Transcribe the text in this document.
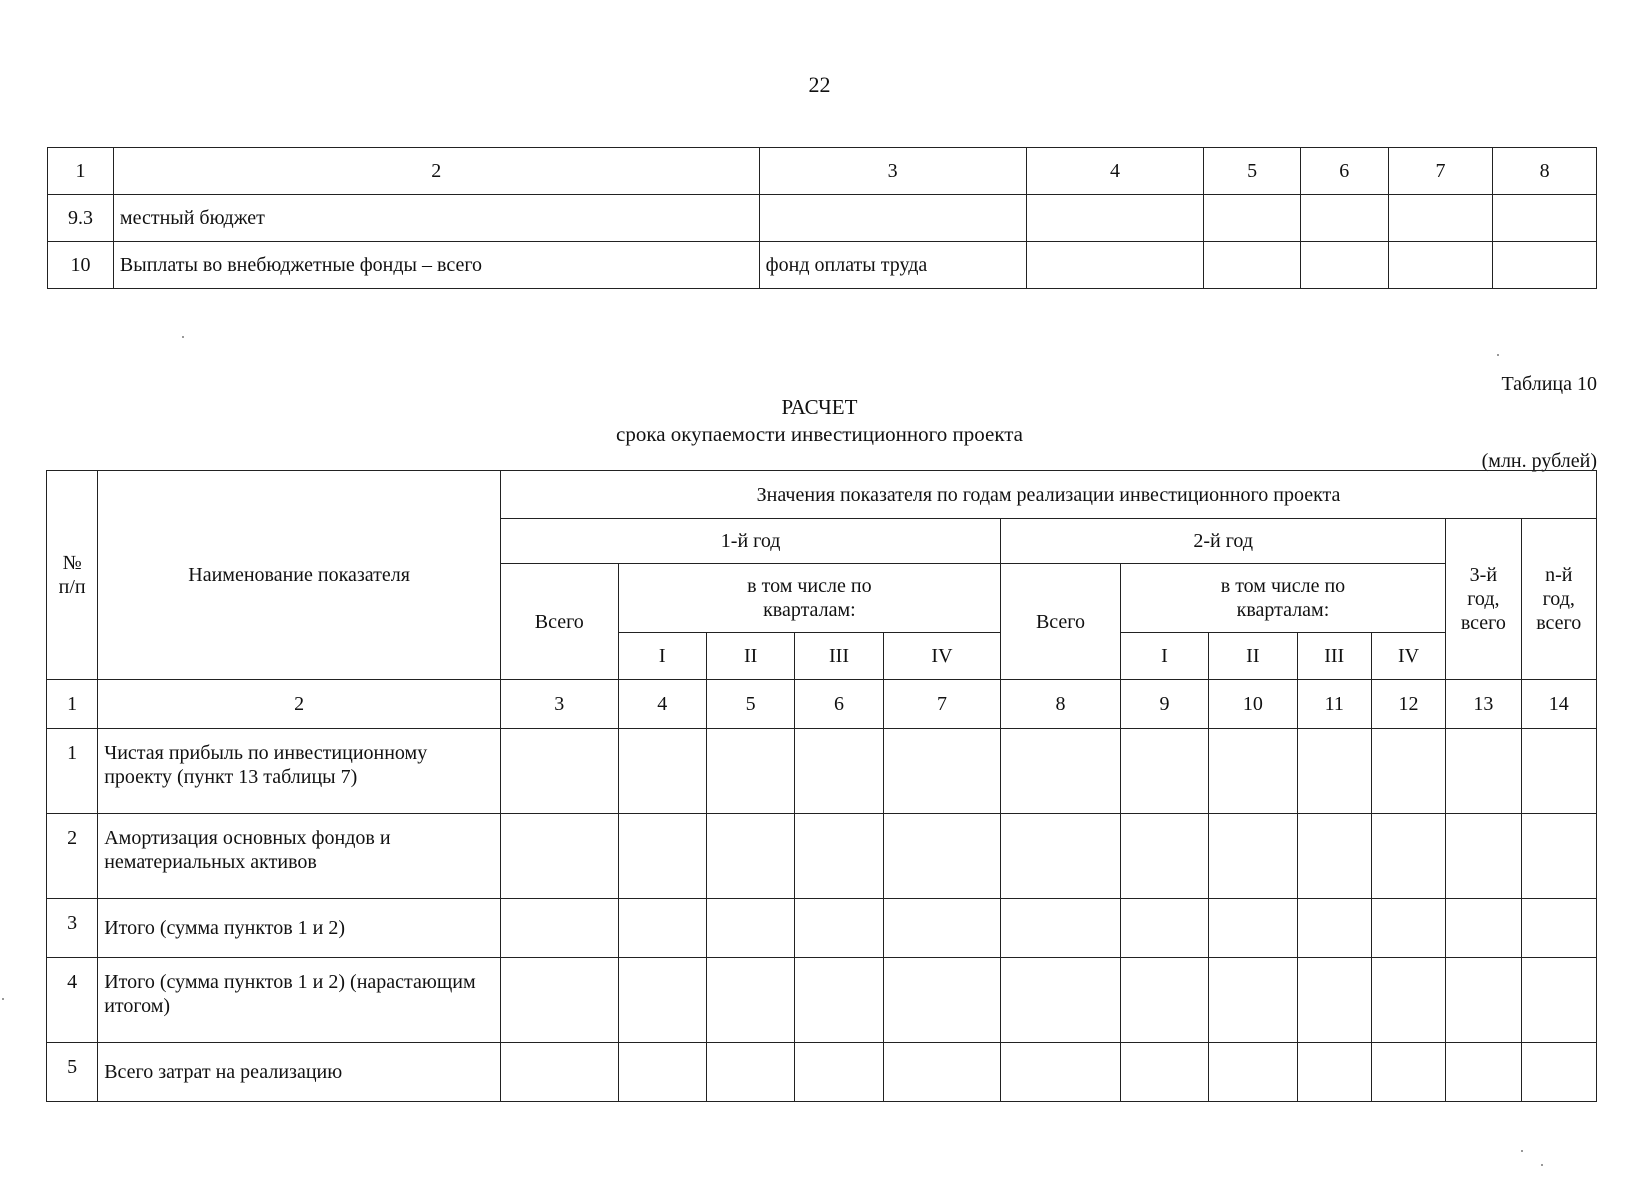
22
1	2	3	4	5	6	7	8
9.3	местный бюджет						
10	Выплаты во внебюджетные фонды – всего	фонд оплаты труда					
Таблица 10
РАСЧЕТ
срока окупаемости инвестиционного проекта
(млн. рублей)
№ п/п	Наименование показателя	Значения показателя по годам реализации инвестиционного проекта											
		1-й год					2-й год					3-й год, всего	n-й год, всего
		Всего	в том числе по кварталам:				Всего	в том числе по кварталам:					
			I	II	III	IV		I	II	III	IV		
1	2	3	4	5	6	7	8	9	10	11	12	13	14
1	Чистая прибыль по инвестиционному проекту (пункт 13 таблицы 7)												
2	Амортизация основных фондов и нематериальных активов												
3	Итого (сумма пунктов 1 и 2)												
4	Итого (сумма пунктов 1 и 2) (нарастающим итогом)												
5	Всего затрат на реализацию												
